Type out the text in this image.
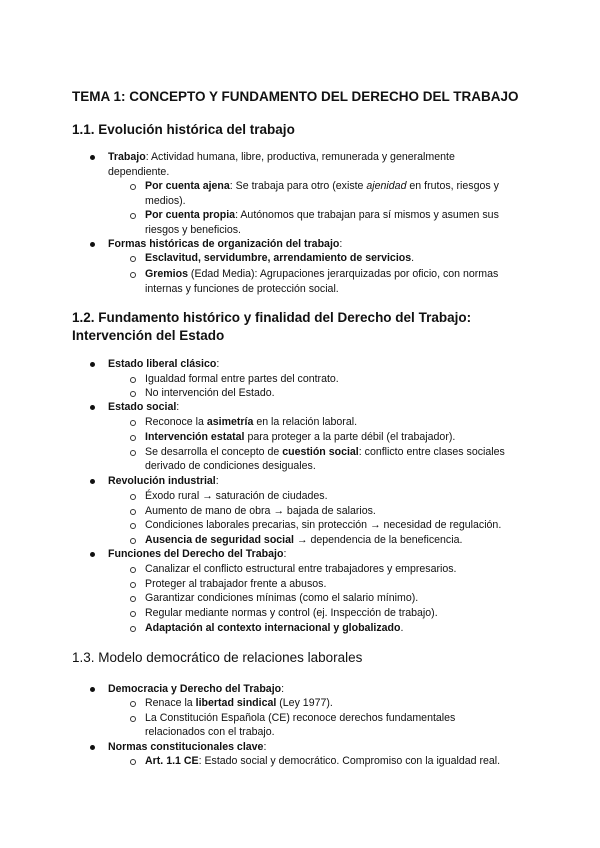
TEMA 1: CONCEPTO Y FUNDAMENTO DEL DERECHO DEL TRABAJO
1.1. Evolución histórica del trabajo
Trabajo: Actividad humana, libre, productiva, remunerada y generalmente
dependiente.
Por cuenta ajena: Se trabaja para otro (existe ajenidad en frutos, riesgos y
medios).
Por cuenta propia: Autónomos que trabajan para sí mismos y asumen sus
riesgos y beneficios.
Formas históricas de organización del trabajo:
Esclavitud, servidumbre, arrendamiento de servicios.
Gremios (Edad Media): Agrupaciones jerarquizadas por oficio, con normas
internas y funciones de protección social.
1.2. Fundamento histórico y finalidad del Derecho del Trabajo:
Intervención del Estado
Estado liberal clásico:
Igualdad formal entre partes del contrato.
No intervención del Estado.
Estado social:
Reconoce la asimetría en la relación laboral.
Intervención estatal para proteger a la parte débil (el trabajador).
Se desarrolla el concepto de cuestión social: conflicto entre clases sociales
derivado de condiciones desiguales.
Revolución industrial:
Éxodo rural → saturación de ciudades.
Aumento de mano de obra → bajada de salarios.
Condiciones laborales precarias, sin protección → necesidad de regulación.
Ausencia de seguridad social → dependencia de la beneficencia.
Funciones del Derecho del Trabajo:
Canalizar el conflicto estructural entre trabajadores y empresarios.
Proteger al trabajador frente a abusos.
Garantizar condiciones mínimas (como el salario mínimo).
Regular mediante normas y control (ej. Inspección de trabajo).
Adaptación al contexto internacional y globalizado.
1.3. Modelo democrático de relaciones laborales
Democracia y Derecho del Trabajo:
Renace la libertad sindical (Ley 1977).
La Constitución Española (CE) reconoce derechos fundamentales
relacionados con el trabajo.
Normas constitucionales clave:
Art. 1.1 CE: Estado social y democrático. Compromiso con la igualdad real.
